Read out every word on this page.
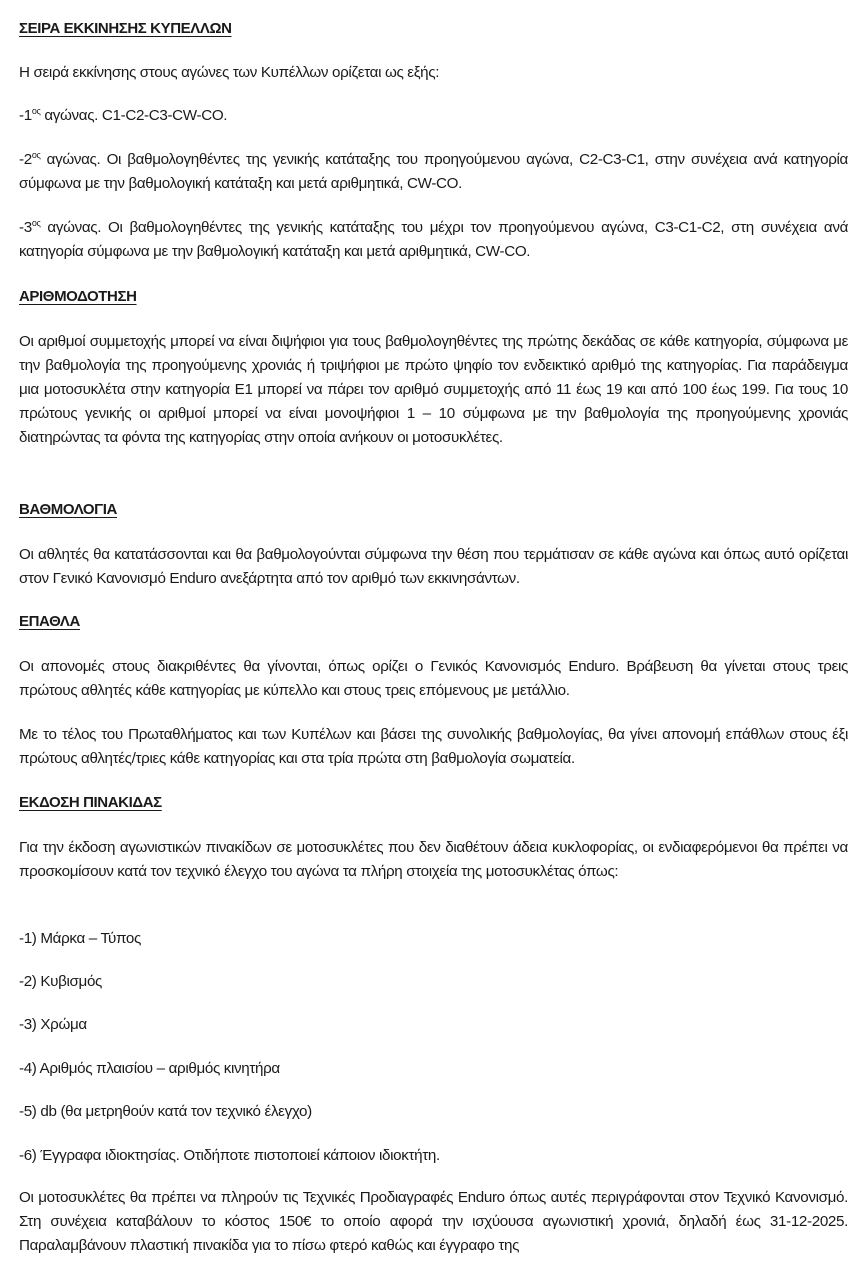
ΣΕΙΡΑ ΕΚΚΙΝΗΣΗΣ ΚΥΠΕΛΛΩΝ

Η σειρά εκκίνησης στους αγώνες των Κυπέλλων ορίζεται ως εξής:

$-1^{o\varsigma}$ αγώνας. C1-C2-C3-CW-CO.

$-2^{o\varsigma}$ αγώνας. Οι βαθμολογηθέντες της γενικής κατάταξης του προηγούμενου αγώνα, C2-C3-C1, στην συνέχεια ανά κατηγορία σύμφωνα με την βαθμολογική κατάταξη και μετά αριθμητικά, CW-CO.

$-3^{o\varsigma}$ αγώνας. Οι βαθμολογηθέντες της γενικής κατάταξης του μέχρι τον προηγούμενου αγώνα, C3-C1-C2, στη συνέχεια ανά κατηγορία σύμφωνα με την βαθμολογική κατάταξη και μετά αριθμητικά, CW-CO.

ΑΡΙΘΜΟΔΟΤΗΣΗ

Οι αριθμοί συμμετοχής μπορεί να είναι διψήφιοι για τους βαθμολογηθέντες της πρώτης δεκάδας σε κάθε κατηγορία, σύμφωνα με την βαθμολογία της προηγούμενης χρονιάς ή τριψήφιοι με πρώτο ψηφίο τον ενδεικτικό αριθμό της κατηγορίας. Για παράδειγμα μια μοτοσυκλέτα στην κατηγορία Ε1 μπορεί να πάρει τον αριθμό συμμετοχής από 11 έως 19 και από 100 έως 199. Για τους 10 πρώτους γενικής οι αριθμοί μπορεί να είναι μονοψήφιοι 1 – 10 σύμφωνα με την βαθμολογία της προηγούμενης χρονιάς διατηρώντας τα φόντα της κατηγορίας στην οποία ανήκουν οι μοτοσυκλέτες.

ΒΑΘΜΟΛΟΓΙΑ

Οι αθλητές θα κατατάσσονται και θα βαθμολογούνται σύμφωνα την θέση που τερμάτισαν σε κάθε αγώνα και όπως αυτό ορίζεται στον Γενικό Κανονισμό Enduro ανεξάρτητα από τον αριθμό των εκκινησάντων.

ΕΠΑΘΛΑ

Οι απονομές στους διακριθέντες θα γίνονται, όπως ορίζει ο Γενικός Κανονισμός Enduro. Βράβευση θα γίνεται στους τρεις πρώτους αθλητές κάθε κατηγορίας με κύπελλο και στους τρεις επόμενους με μετάλλιο.

Με το τέλος του Πρωταθλήματος και των Κυπέλων και βάσει της συνολικής βαθμολογίας, θα γίνει απονομή επάθλων στους έξι πρώτους αθλητές/τριες κάθε κατηγορίας και στα τρία πρώτα στη βαθμολογία σωματεία.

ΕΚΔΟΣΗ ΠΙΝΑΚΙΔΑΣ

Για την έκδοση αγωνιστικών πινακίδων σε μοτοσυκλέτες που δεν διαθέτουν άδεια κυκλοφορίας, οι ενδιαφερόμενοι θα πρέπει να προσκομίσουν κατά τον τεχνικό έλεγχο του αγώνα τα πλήρη στοιχεία της μοτοσυκλέτας όπως:

-1) Μάρκα – Τύπος

-2) Κυβισμός

-3) Χρώμα

-4) Αριθμός πλαισίου – αριθμός κινητήρα

-5) db (θα μετρηθούν κατά τον τεχνικό έλεγχο)

-6) Έγγραφα ιδιοκτησίας. Οτιδήποτε πιστοποιεί κάποιον ιδιοκτήτη.

Οι μοτοσυκλέτες θα πρέπει να πληρούν τις Τεχνικές Προδιαγραφές Enduro όπως αυτές περιγράφονται στον Τεχνικό Κανονισμό. Στη συνέχεια καταβάλουν το κόστος 150€ το οποίο αφορά την ισχύουσα αγωνιστική χρονιά, δηλαδή έως 31-12-2025. Παραλαμβάνουν πλαστική πινακίδα για το πίσω φτερό καθώς και έγγραφο της
